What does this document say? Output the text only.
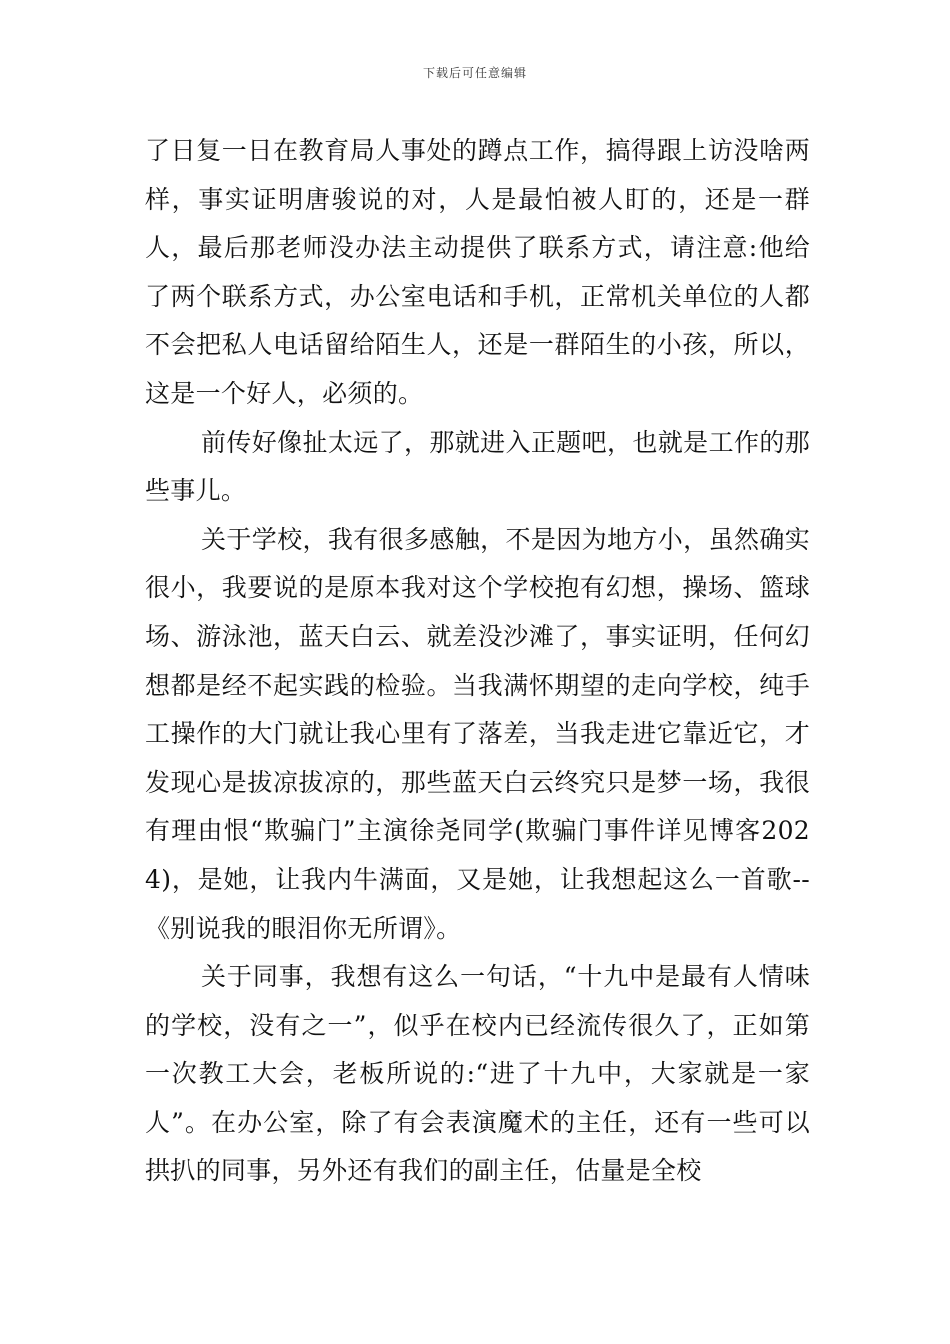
下载后可任意编辑

了日复一日在教育局人事处的蹲点工作，搞得跟上访没啥两样，事实证明唐骏说的对，人是最怕被人盯的，还是一群人，最后那老师没办法主动提供了联系方式，请注意:他给了两个联系方式，办公室电话和手机，正常机关单位的人都不会把私人电话留给陌生人，还是一群陌生的小孩，所以，这是一个好人，必须的。

前传好像扯太远了，那就进入正题吧，也就是工作的那些事儿。

关于学校，我有很多感触，不是因为地方小，虽然确实很小，我要说的是原本我对这个学校抱有幻想，操场、篮球场、游泳池，蓝天白云、就差没沙滩了，事实证明，任何幻想都是经不起实践的检验。当我满怀期望的走向学校，纯手工操作的大门就让我心里有了落差，当我走进它靠近它，才发现心是拔凉拔凉的，那些蓝天白云终究只是梦一场，我很有理由恨“欺骗门”主演徐尧同学(欺骗门事件详见博客2024)，是她，让我内牛满面，又是她，让我想起这么一首歌--《别说我的眼泪你无所谓》。

关于同事，我想有这么一句话，“十九中是最有人情味的学校，没有之一”，似乎在校内已经流传很久了，正如第一次教工大会，老板所说的:“进了十九中，大家就是一家人”。在办公室，除了有会表演魔术的主任，还有一些可以拱扒的同事，另外还有我们的副主任，估量是全校
